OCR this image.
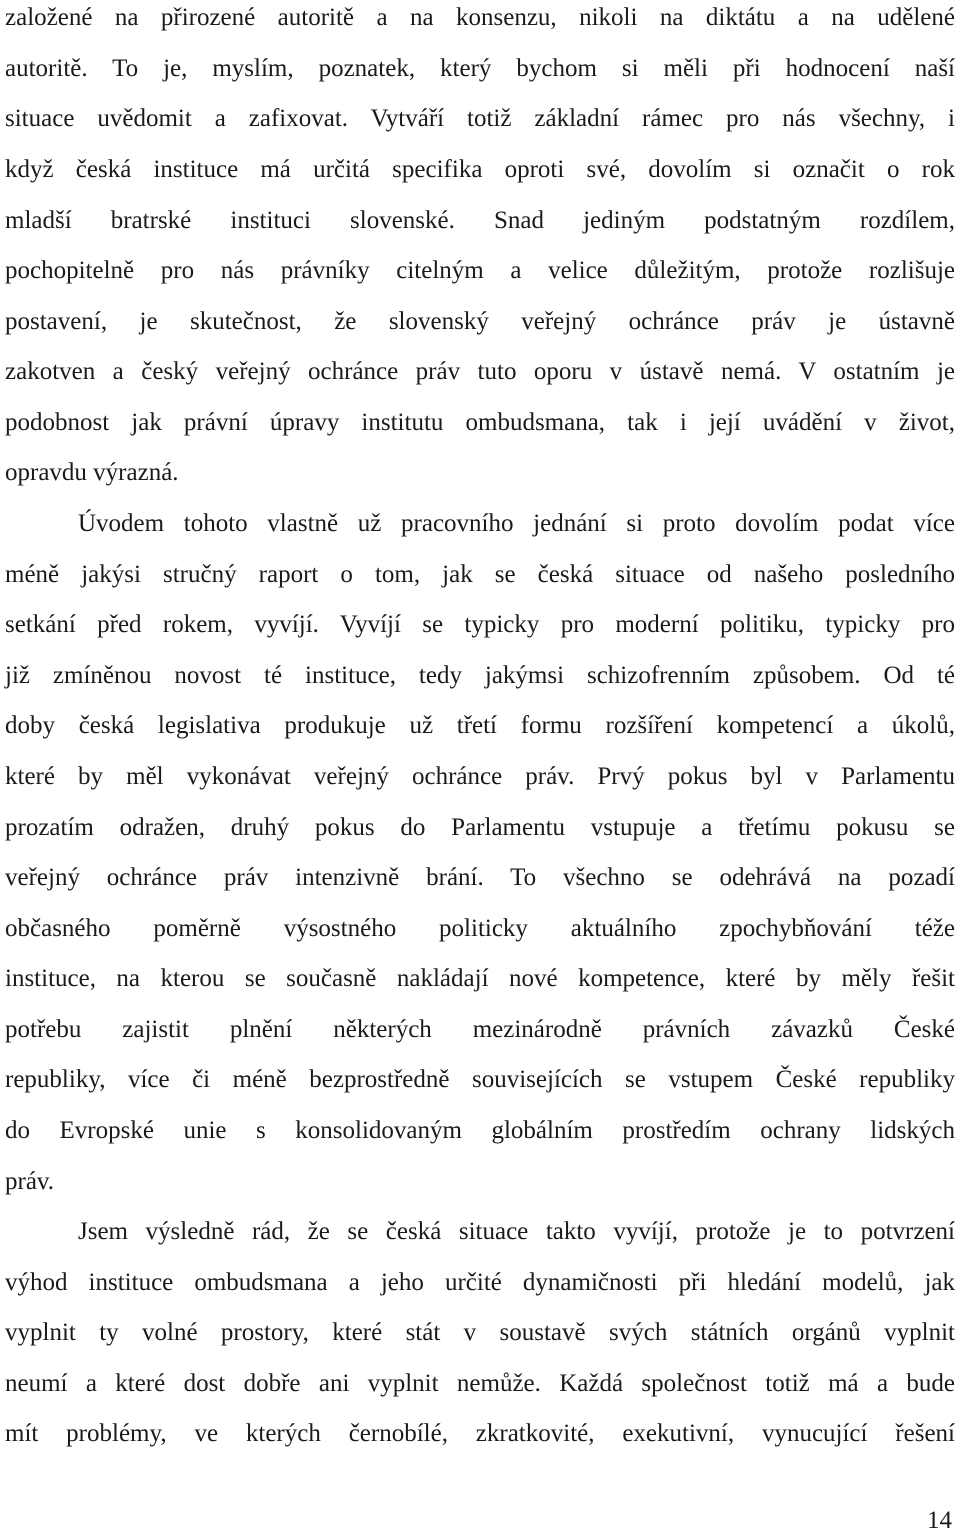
založené na přirozené autoritě a na konsenzu, nikoli na diktátu a na udělené
autoritě. To je, myslím, poznatek, který bychom si měli při hodnocení naší
situace uvědomit a zafixovat. Vytváří totiž základní rámec pro nás všechny, i
když česká instituce má určitá specifika oproti své, dovolím si označit o rok
mladší bratrské instituci slovenské. Snad jediným podstatným rozdílem,
pochopitelně pro nás právníky citelným a velice důležitým, protože rozlišuje
postavení, je skutečnost, že slovenský veřejný ochránce práv je ústavně
zakotven a český veřejný ochránce práv tuto oporu v ústavě nemá. V ostatním je
podobnost jak právní úpravy institutu ombudsmana, tak i její uvádění v život,
opravdu výrazná.
Úvodem tohoto vlastně už pracovního jednání si proto dovolím podat více
méně jakýsi stručný raport o tom, jak se česká situace od našeho posledního
setkání před rokem, vyvíjí. Vyvíjí se typicky pro moderní politiku, typicky pro
již zmíněnou novost té instituce, tedy jakýmsi schizofrenním způsobem. Od té
doby česká legislativa produkuje už třetí formu rozšíření kompetencí a úkolů,
které by měl vykonávat veřejný ochránce práv. Prvý pokus byl v Parlamentu
prozatím odražen, druhý pokus do Parlamentu vstupuje a třetímu pokusu se
veřejný ochránce práv intenzivně brání. To všechno se odehrává na pozadí
občasného poměrně výsostného politicky aktuálního zpochybňování téže
instituce, na kterou se současně nakládají nové kompetence, které by měly řešit
potřebu zajistit plnění některých mezinárodně právních závazků České
republiky, více či méně bezprostředně souvisejících se vstupem České republiky
do Evropské unie s konsolidovaným globálním prostředím ochrany lidských
práv.
Jsem výsledně rád, že se česká situace takto vyvíjí, protože je to potvrzení
výhod instituce ombudsmana a jeho určité dynamičnosti při hledání modelů, jak
vyplnit ty volné prostory, které stát v soustavě svých státních orgánů vyplnit
neumí a které dost dobře ani vyplnit nemůže. Každá společnost totiž má a bude
mít problémy, ve kterých černobílé, zkratkovité, exekutivní, vynucující řešení
14
